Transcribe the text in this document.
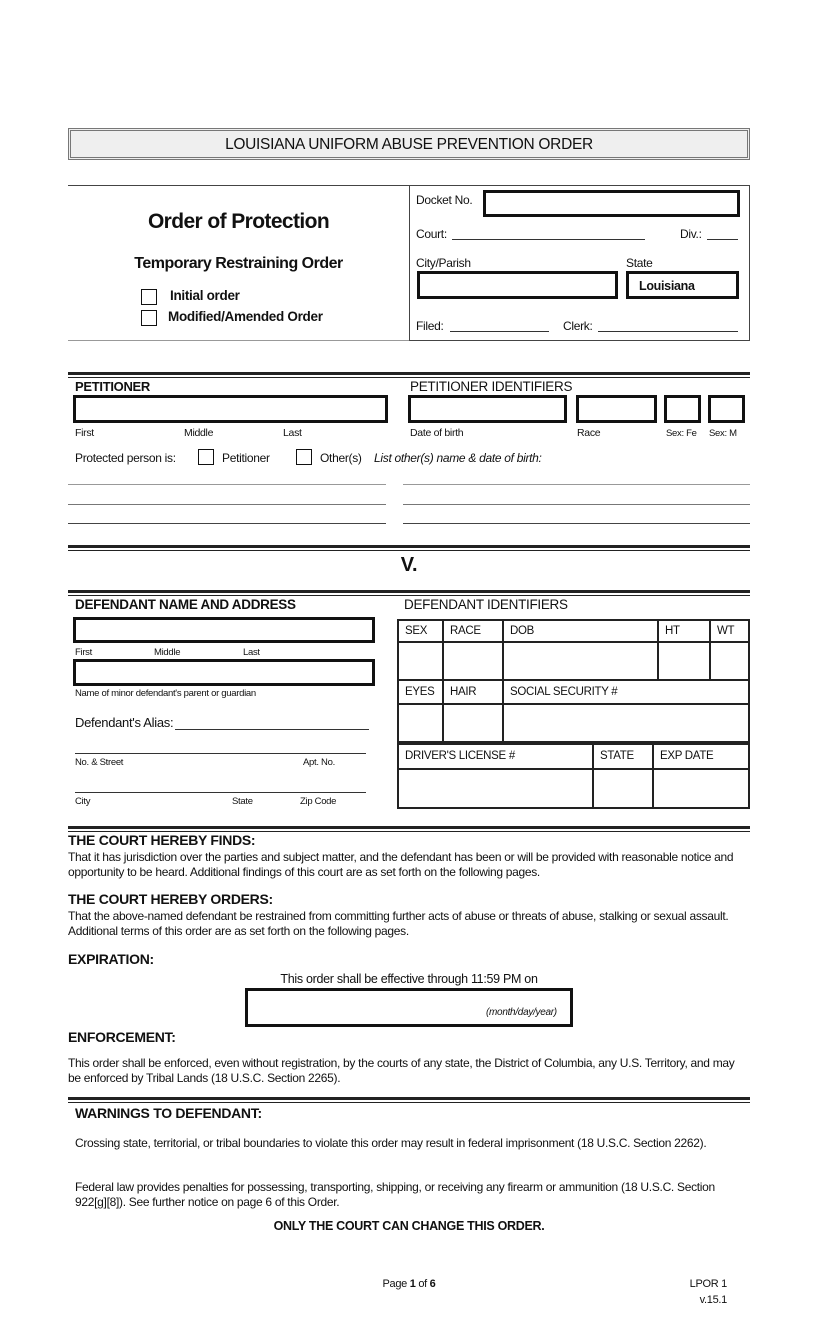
LOUISIANA UNIFORM ABUSE PREVENTION ORDER
Order of Protection
Temporary Restraining Order
Initial order
Modified/Amended Order
Docket No.
Court:	Div.:
City/Parish	State
Louisiana
Filed:	Clerk:
PETITIONER	PETITIONER IDENTIFIERS
First	Middle	Last	Date of birth	Race	Sex: Fe Sex: M
Protected person is:	Petitioner	Other(s) List other(s) name & date of birth:
V.
DEFENDANT NAME AND ADDRESS	DEFENDANT IDENTIFIERS
First	Middle	Last
Name of minor defendant's parent or guardian
Defendant's Alias:
No. & Street	Apt. No.
City	State	Zip Code
SEX	RACE	DOB	HT	WT

EYES	HAIR	SOCIAL SECURITY #		

DRIVER'S LICENSE #	STATE	EXP DATE

THE COURT HEREBY FINDS:
That it has jurisdiction over the parties and subject matter, and the defendant has been or will be provided with reasonable notice and opportunity to be heard. Additional findings of this court are as set forth on the following pages.
THE COURT HEREBY ORDERS:
That the above-named defendant be restrained from committing further acts of abuse or threats of abuse, stalking or sexual assault. Additional terms of this order are as set forth on the following pages.
EXPIRATION:
This order shall be effective through 11:59 PM on
(month/day/year)
ENFORCEMENT:
This order shall be enforced, even without registration, by the courts of any state, the District of Columbia, any U.S. Territory, and may be enforced by Tribal Lands (18 U.S.C. Section 2265).
WARNINGS TO DEFENDANT:
Crossing state, territorial, or tribal boundaries to violate this order may result in federal imprisonment (18 U.S.C. Section 2262).
Federal law provides penalties for possessing, transporting, shipping, or receiving any firearm or ammunition (18 U.S.C. Section 922[g][8]). See further notice on page 6 of this Order.
ONLY THE COURT CAN CHANGE THIS ORDER.
Page 1 of 6	LPOR 1
v.15.1
